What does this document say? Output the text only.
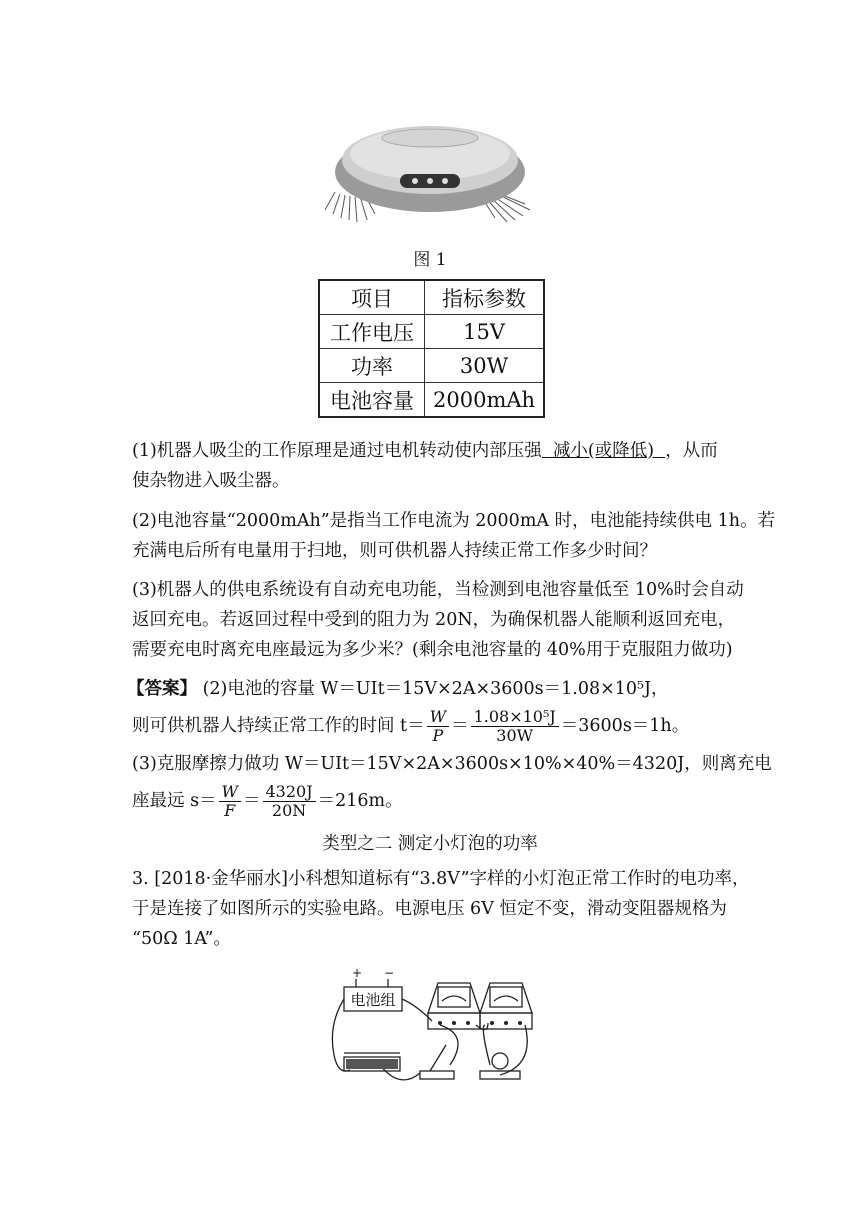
图 1
项目	指标参数
工作电压	15V
功率	30W
电池容量	2000mAh
(1)机器人吸尘的工作原理是通过电机转动使内部压强 减小(或降低) ，从而
使杂物进入吸尘器。
(2)电池容量“2000mAh”是指当工作电流为 2000mA 时，电池能持续供电 1h。若
充满电后所有电量用于扫地，则可供机器人持续正常工作多少时间？
(3)机器人的供电系统设有自动充电功能，当检测到电池容量低至 10%时会自动
返回充电。若返回过程中受到的阻力为 20N，为确保机器人能顺利返回充电，
需要充电时离充电座最远为多少米？(剩余电池容量的 40%用于克服阻力做功)
【答案】 (2)电池的容量 W＝UIt＝15V×2A×3600s＝1.08×10⁵J，
则可供机器人持续正常工作的时间 $t= \frac{W}{P} = \frac{\text{1.08×10⁵J}}{30W} =3600s=1h$。
(3)克服摩擦力做功 W＝UIt＝15V×2A×3600s×10%×40%＝4320J，则离充电
座最远 $s= \frac{W}{F} = \frac{4320J}{20N} =216m$。
类型之二 测定小灯泡的功率
3. [2018·金华丽水]小科想知道标有“3.8V”字样的小灯泡正常工作时的电功率，
于是连接了如图所示的实验电路。电源电压 6V 恒定不变，滑动变阻器规格为
“50Ω 1A”。
电池组
+ −
